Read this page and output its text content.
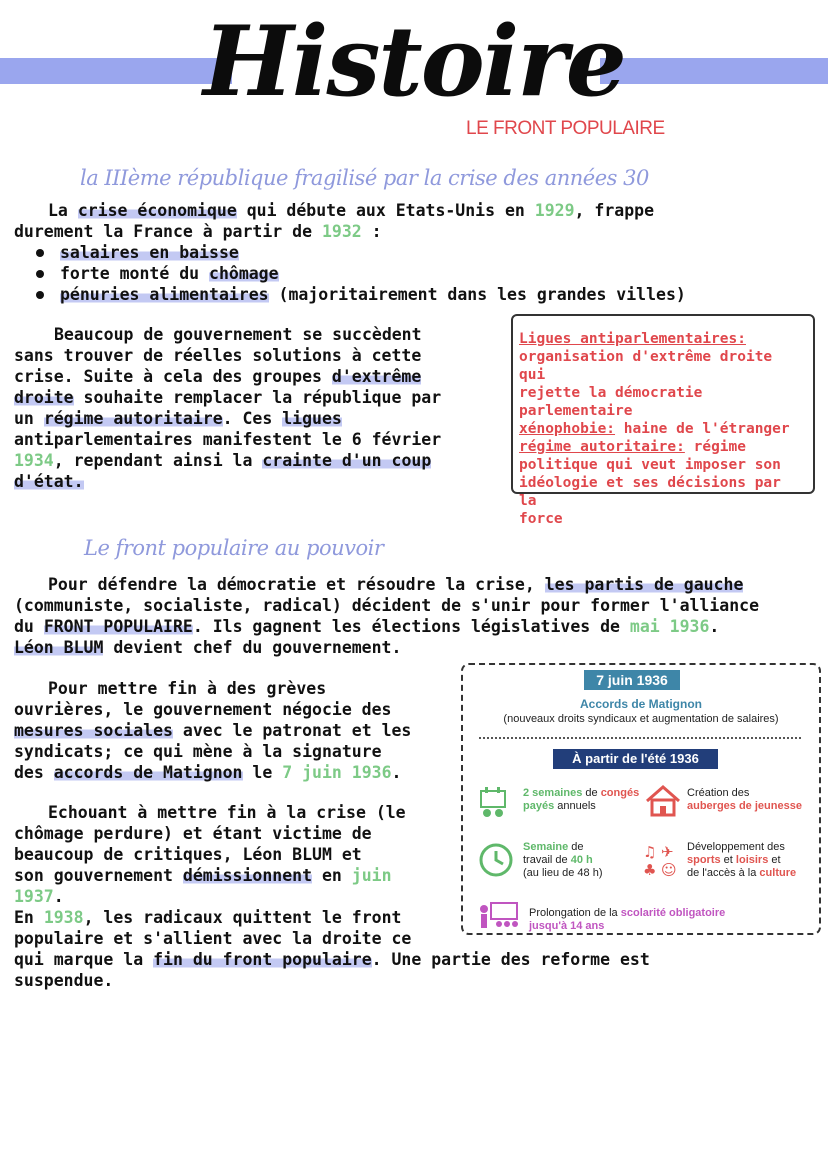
Histoire
LE FRONT POPULAIRE
la IIIème république fragilisé par la crise des années 30

La crise économique qui débute aux Etats-Unis en 1929, frappe
durement la France à partir de 1932 :

salaires en baisse
forte monté du chômage
pénuries alimentaires (majoritairement dans les grandes villes)

Beaucoup de gouvernement se succèdent
sans trouver de réelles solutions à cette
crise. Suite à cela des groupes d'extrême
droite souhaite remplacer la république par
un régime autoritaire. Ces ligues
antiparlementaires manifestent le 6 février
1934, rependant ainsi la crainte d'un coup
d'état.

Ligues antiparlementaires:
organisation d'extrême droite qui
rejette la démocratie
parlementaire
xénophobie: haine de l'étranger
régime autoritaire: régime
politique qui veut imposer son
idéologie et ses décisions par la
force
Le front populaire au pouvoir

Pour défendre la démocratie et résoudre la crise, les partis de gauche
(communiste, socialiste, radical) décident de s'unir pour former l'alliance
du FRONT POPULAIRE. Ils gagnent les élections législatives de mai 1936.
Léon BLUM devient chef du gouvernement.

Pour mettre fin à des grèves
ouvrières, le gouvernement négocie des
mesures sociales avec le patronat et les
syndicats; ce qui mène à la signature
des accords de Matignon le 7 juin 1936.

Echouant à mettre fin à la crise (le
chômage perdure) et étant victime de
beaucoup de critiques, Léon BLUM et
son gouvernement démissionnent en juin
1937.
En 1938, les radicaux quittent le front
populaire et s'allient avec la droite ce
qui marque la fin du front populaire. Une partie des reforme est
suspendue.

7 juin 1936
Accords de Matignon
(nouveaux droits syndicaux et augmentation de salaires)
À partir de l'été 1936
2 semaines de congés
payés annuels
Création des
auberges de jeunesse
Semaine de
travail de 40 h
(au lieu de 48 h)
♫ ✈
♣ ☺
Développement des
sports et loisirs et
de l'accès à la culture
Prolongation de la scolarité obligatoire
jusqu'à 14 ans
